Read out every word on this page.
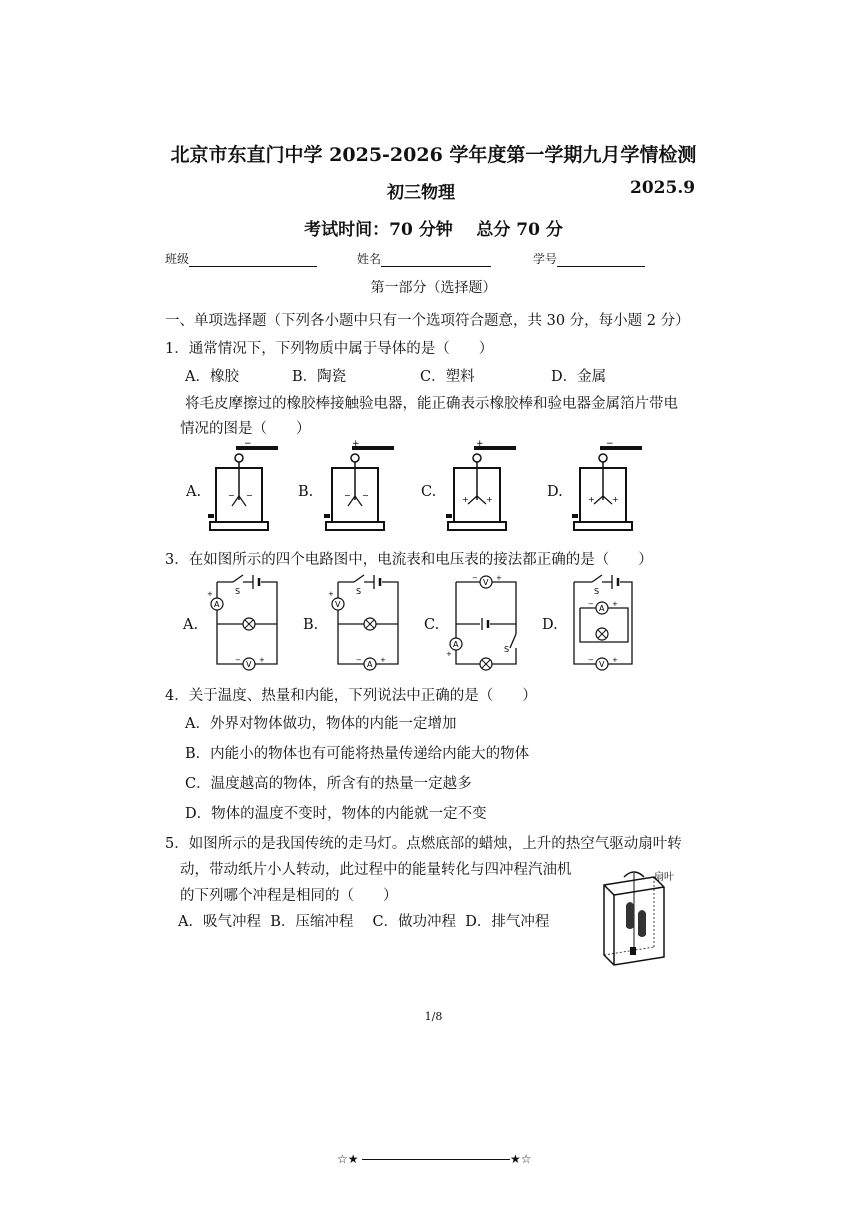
北京市东直门中学 2025-2026 学年度第一学期九月学情检测
初三物理	2025.9
考试时间：70 分钟    总分 70 分
班级	姓名	学号
第一部分（选择题）
一、单项选择题（下列各小题中只有一个选项符合题意，共 30 分，每小题 2 分）
1．通常情况下，下列物质中属于导体的是（　　）
A．橡胶	B．陶瓷	C．塑料	D．金属
将毛皮摩擦过的橡胶棒接触验电器，能正确表示橡胶棒和验电器金属箔片带电
情况的图是（　　）
A.	B.	C.	D.
−
− −
+
− −
+
+ +
−
+ +
3．在如图所示的四个电路图中，电流表和电压表的接法都正确的是（　　）
A.	B.	C.	D.
S
A
+
V
−	+
S
V
+
A
−	+
V
−	+
A
+	S
S
A
−	+
V
−	+
4．关于温度、热量和内能，下列说法中正确的是（　　）
A．外界对物体做功，物体的内能一定增加
B．内能小的物体也有可能将热量传递给内能大的物体
C．温度越高的物体，所含有的热量一定越多
D．物体的温度不变时，物体的内能就一定不变
5．如图所示的是我国传统的走马灯。点燃底部的蜡烛，上升的热空气驱动扇叶转
动，带动纸片小人转动，此过程中的能量转化与四冲程汽油机
的下列哪个冲程是相同的（　　）
A．吸气冲程  B．压缩冲程　 C．做功冲程  D．排气冲程
扇叶
1/8
☆★	★☆
